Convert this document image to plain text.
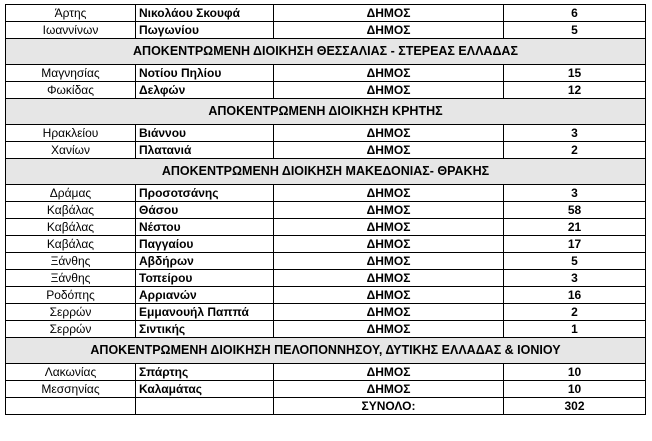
Άρτης	Νικολάου Σκουφά	ΔΗΜΟΣ	6
Ιωαννίνων	Πωγωνίου	ΔΗΜΟΣ	5
ΑΠΟΚΕΝΤΡΩΜΕΝΗ ΔΙΟΙΚΗΣΗ ΘΕΣΣΑΛΙΑΣ - ΣΤΕΡΕΑΣ ΕΛΛΑΔΑΣ			
Μαγνησίας	Νοτίου Πηλίου	ΔΗΜΟΣ	15
Φωκίδας	Δελφών	ΔΗΜΟΣ	12
ΑΠΟΚΕΝΤΡΩΜΕΝΗ ΔΙΟΙΚΗΣΗ ΚΡΗΤΗΣ			
Ηρακλείου	Βιάννου	ΔΗΜΟΣ	3
Χανίων	Πλατανιά	ΔΗΜΟΣ	2
ΑΠΟΚΕΝΤΡΩΜΕΝΗ ΔΙΟΙΚΗΣΗ ΜΑΚΕΔΟΝΙΑΣ- ΘΡΑΚΗΣ			
Δράμας	Προσοτσάνης	ΔΗΜΟΣ	3
Καβάλας	Θάσου	ΔΗΜΟΣ	58
Καβάλας	Νέστου	ΔΗΜΟΣ	21
Καβάλας	Παγγαίου	ΔΗΜΟΣ	17
Ξάνθης	Αβδήρων	ΔΗΜΟΣ	5
Ξάνθης	Τοπείρου	ΔΗΜΟΣ	3
Ροδόπης	Αρριανών	ΔΗΜΟΣ	16
Σερρών	Εμμανουήλ Παππά	ΔΗΜΟΣ	2
Σερρών	Σιντικής	ΔΗΜΟΣ	1
ΑΠΟΚΕΝΤΡΩΜΕΝΗ ΔΙΟΙΚΗΣΗ ΠΕΛΟΠΟΝΝΗΣΟΥ, ΔΥΤΙΚΗΣ ΕΛΛΑΔΑΣ & ΙΟΝΙΟΥ			
Λακωνίας	Σπάρτης	ΔΗΜΟΣ	10
Μεσσηνίας	Καλαμάτας	ΔΗΜΟΣ	10
		ΣΥΝΟΛΟ:	302
